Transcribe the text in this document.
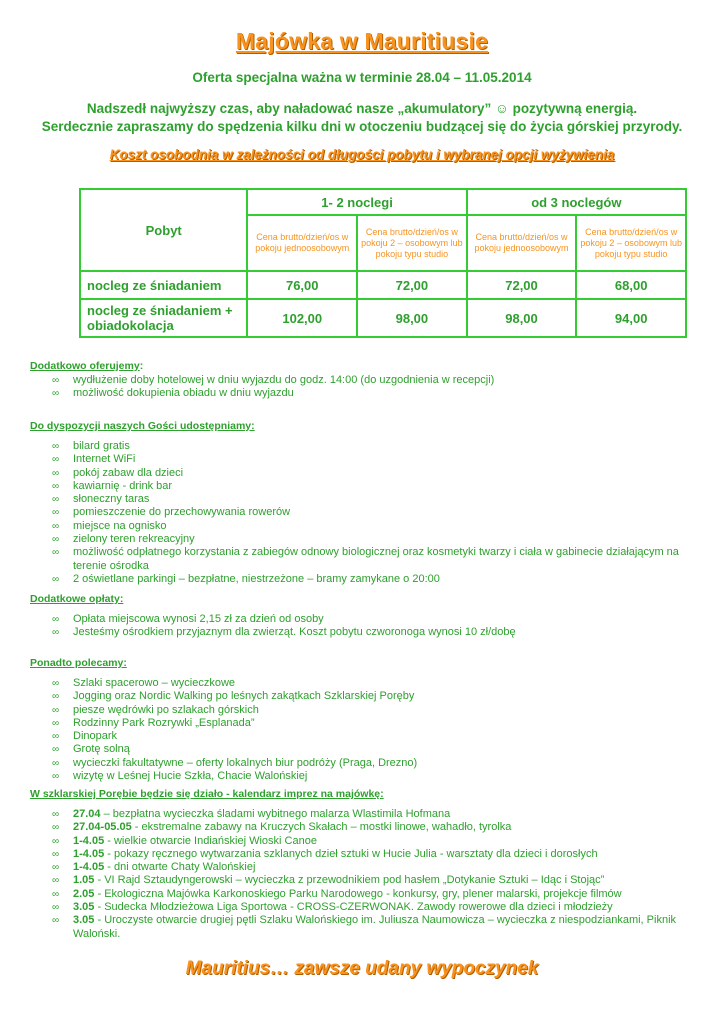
Majówka w Mauritiusie
Oferta specjalna ważna w terminie 28.04 – 11.05.2014
Nadszedł najwyższy czas, aby naładować nasze „akumulatory” ☺ pozytywną energią.
Serdecznie zapraszamy do spędzenia kilku dni w otoczeniu budzącej się do życia górskiej przyrody.
Koszt osobodnia w zależności od długości pobytu i wybranej opcji wyżywienia
Pobyt	1- 2 noclegi		od 3 noclegów	
	Cena brutto/dzień/os w pokoju jednoosobowym	Cena brutto/dzień/os w pokoju 2 – osobowym lub pokoju typu studio	Cena brutto/dzień/os w pokoju jednoosobowym	Cena brutto/dzień/os w pokoju 2 – osobowym lub pokoju typu studio
nocleg ze śniadaniem	76,00	72,00	72,00	68,00
nocleg ze śniadaniem + obiadokolacja	102,00	98,00	98,00	94,00
Dodatkowo oferujemy:
∞ wydłużenie doby hotelowej w dniu wyjazdu do godz. 14:00 (do uzgodnienia w recepcji)
∞ możliwość dokupienia obiadu w dniu wyjazdu
Do dyspozycji naszych Gości udostępniamy:
∞ bilard gratis
∞ Internet WiFi
∞ pokój zabaw dla dzieci
∞ kawiarnię - drink bar
∞ słoneczny taras
∞ pomieszczenie do przechowywania rowerów
∞ miejsce na ognisko
∞ zielony teren rekreacyjny
∞ możliwość odpłatnego korzystania z zabiegów odnowy biologicznej oraz kosmetyki twarzy i ciała w gabinecie działającym na terenie ośrodka
∞ 2 oświetlane parkingi – bezpłatne, niestrzeżone – bramy zamykane o 20:00
Dodatkowe opłaty:
∞ Opłata miejscowa wynosi 2,15 zł za dzień od osoby
∞ Jesteśmy ośrodkiem przyjaznym dla zwierząt. Koszt pobytu czworonoga wynosi 10 zł/dobę
Ponadto polecamy:
∞ Szlaki spacerowo – wycieczkowe
∞ Jogging oraz Nordic Walking po leśnych zakątkach Szklarskiej Poręby
∞ piesze wędrówki po szlakach górskich
∞ Rodzinny Park Rozrywki „Esplanada”
∞ Dinopark
∞ Grotę solną
∞ wycieczki fakultatywne – oferty lokalnych biur podróży (Praga, Drezno)
∞ wizytę w Leśnej Hucie Szkła, Chacie Walońskiej
W szklarskiej Porębie będzie się działo - kalendarz imprez na majówkę:
∞ 27.04 – bezpłatna wycieczka śladami wybitnego malarza Wlastimila Hofmana
∞ 27.04-05.05 - ekstremalne zabawy na Kruczych Skałach – mostki linowe, wahadło, tyrolka
∞ 1-4.05 - wielkie otwarcie Indiańskiej Wioski Canoe
∞ 1-4.05 - pokazy ręcznego wytwarzania szklanych dzieł sztuki w Hucie Julia - warsztaty dla dzieci i dorosłych
∞ 1-4.05 - dni otwarte Chaty Walońskiej
∞ 1.05 - VI Rajd Sztaudyngerowski – wycieczka z przewodnikiem pod hasłem „Dotykanie Sztuki – Idąc i Stojąc”
∞ 2.05 - Ekologiczna Majówka Karkonoskiego Parku Narodowego - konkursy, gry, plener malarski, projekcje filmów
∞ 3.05 - Sudecka Młodzieżowa Liga Sportowa - CROSS-CZERWONAK. Zawody rowerowe dla dzieci i młodzieży
∞ 3.05 - Uroczyste otwarcie drugiej pętli Szlaku Walońskiego im. Juliusza Naumowicza – wycieczka z niespodziankami, Piknik Waloński.
Mauritius… zawsze udany wypoczynek
